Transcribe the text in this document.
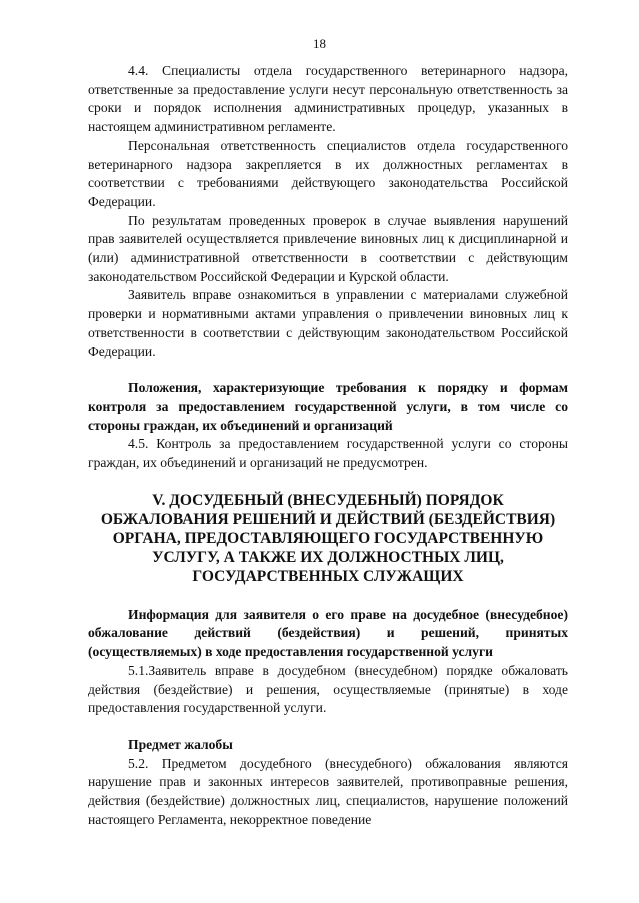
18

4.4. Специалисты отдела государственного ветеринарного надзора, ответственные за предоставление услуги несут персональную ответственность за сроки и порядок исполнения административных процедур, указанных в настоящем административном регламенте.

Персональная ответственность специалистов отдела государственного ветеринарного надзора закрепляется в их должностных регламентах в соответствии с требованиями действующего законодательства Российской Федерации.

По результатам проведенных проверок в случае выявления нарушений прав заявителей осуществляется привлечение виновных лиц к дисциплинарной и (или) административной ответственности в соответствии с действующим законодательством Российской Федерации и Курской области.

Заявитель вправе ознакомиться в управлении с материалами служебной проверки и нормативными актами управления о привлечении виновных лиц к ответственности в соответствии с действующим законодательством Российской Федерации.

Положения, характеризующие требования к порядку и формам контроля за предоставлением государственной услуги, в том числе со стороны граждан, их объединений и организаций

4.5. Контроль за предоставлением государственной услуги со стороны граждан, их объединений и организаций не предусмотрен.

V. ДОСУДЕБНЫЙ (ВНЕСУДЕБНЫЙ) ПОРЯДОК ОБЖАЛОВАНИЯ РЕШЕНИЙ И ДЕЙСТВИЙ (БЕЗДЕЙСТВИЯ) ОРГАНА, ПРЕДОСТАВЛЯЮЩЕГО ГОСУДАРСТВЕННУЮ УСЛУГУ, А ТАКЖЕ ИХ ДОЛЖНОСТНЫХ ЛИЦ, ГОСУДАРСТВЕННЫХ СЛУЖАЩИХ

Информация для заявителя о его праве на досудебное (внесудебное) обжалование действий (бездействия) и решений, принятых (осуществляемых) в ходе предоставления государственной услуги

5.1.Заявитель вправе в досудебном (внесудебном) порядке обжаловать действия (бездействие) и решения, осуществляемые (принятые) в ходе предоставления государственной услуги.

Предмет жалобы

5.2. Предметом досудебного (внесудебного) обжалования являются нарушение прав и законных интересов заявителей, противоправные решения, действия (бездействие) должностных лиц, специалистов, нарушение положений настоящего Регламента, некорректное поведение
